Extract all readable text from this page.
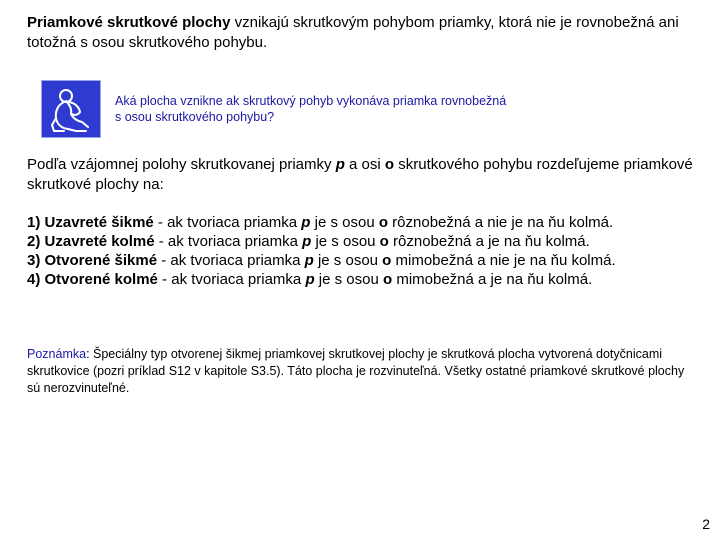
Priamkové skrutkové plochy vznikajú skrutkovým pohybom priamky, ktorá nie je rovnobežná ani totožná s osou skrutkového pohybu.
Aká plocha vznikne ak skrutkový pohyb vykonáva priamka rovnobežná s osou skrutkového pohybu?
Podľa vzájomnej polohy skrutkovanej priamky p a osi o skrutkového pohybu rozdeľujeme priamkové skrutkové plochy na:
1) Uzavreté šikmé - ak tvoriaca priamka p je s osou o rôznobežná a nie je na ňu kolmá.
2) Uzavreté kolmé - ak tvoriaca priamka p je s osou o rôznobežná a je na ňu kolmá.
3) Otvorené šikmé - ak tvoriaca priamka p je s osou o mimobežná a nie je na ňu kolmá.
4) Otvorené kolmé - ak tvoriaca priamka p je s osou o mimobežná a je na ňu kolmá.
Poznámka: Špeciálny typ otvorenej šikmej priamkovej skrutkovej plochy je skrutková plocha vytvorená dotyčnicami skrutkovice (pozri príklad S12 v kapitole S3.5). Táto plocha je rozvinuteľná. Všetky ostatné priamkové skrutkové plochy sú nerozvinuteľné.
2
